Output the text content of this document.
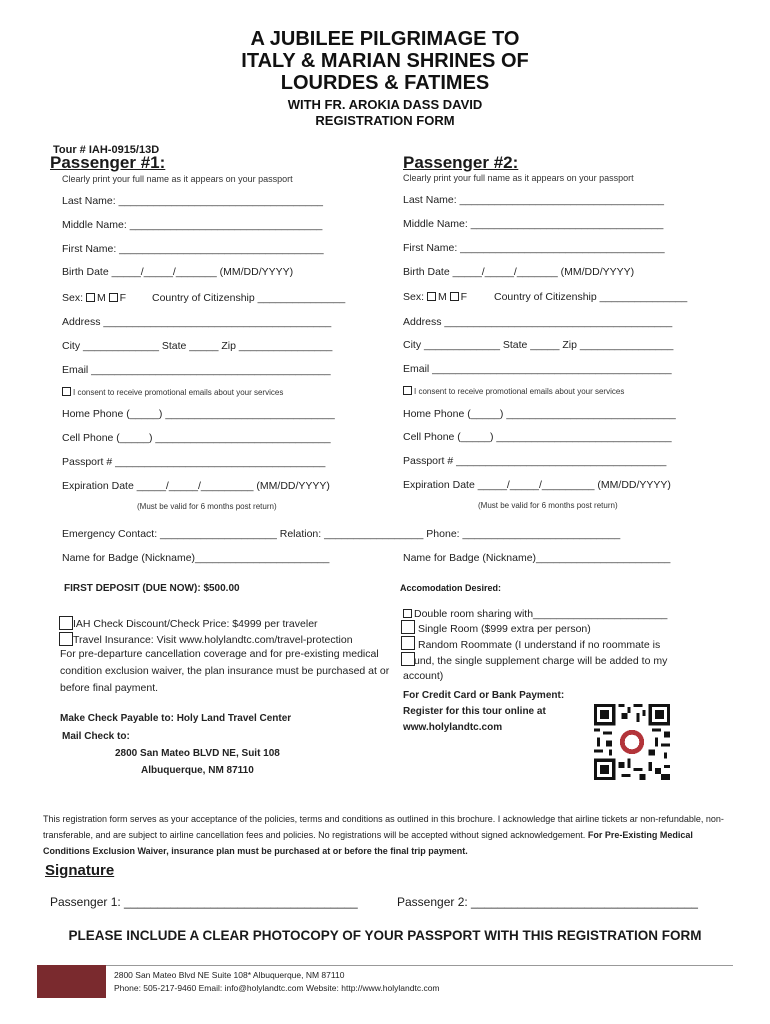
A JUBILEE PILGRIMAGE TO
ITALY & MARIAN SHRINES OF
LOURDES & FATIMES
WITH FR. AROKIA DASS DAVID
REGISTRATION FORM
Tour # IAH-0915/13D
Passenger #1:
Clearly print your full name as it appears on your passport
Last Name: ___________________________________
Middle Name: _________________________________
First Name: ___________________________________
Birth Date _____/_____/_______ (MM/DD/YYYY)
Sex: M F Country of Citizenship _______________
Address _______________________________________
City _____________ State _____ Zip ________________
Email _________________________________________
I consent to receive promotional emails about your services
Home Phone (_____) _____________________________
Cell Phone (_____) ______________________________
Passport # ____________________________________
Expiration Date _____/_____/_________ (MM/DD/YYYY)
(Must be valid for 6 months post return)
Passenger #2:
Clearly print your full name as it appears on your passport
Last Name: ___________________________________
Middle Name: _________________________________
First Name: ___________________________________
Birth Date _____/_____/_______ (MM/DD/YYYY)
Sex: M F	Country of Citizenship _______________
Address _______________________________________
City _____________ State _____ Zip ________________
Email _________________________________________
I consent to receive promotional emails about your services
Home Phone (_____) _____________________________
Cell Phone (_____) ______________________________
Passport # ____________________________________
Expiration Date _____/_____/_________ (MM/DD/YYYY)
(Must be valid for 6 months post return)
Emergency Contact: ____________________ Relation: _________________ Phone: ___________________________
Name for Badge (Nickname)_______________________	Name for Badge (Nickname)_______________________
FIRST DEPOSIT (DUE NOW): $500.00
IAH Check Discount/Check Price: $4999 per traveler
Travel Insurance: Visit www.holylandtc.com/travel-protection
For pre-departure cancellation coverage and for pre-existing medical condition exclusion waiver, the plan insurance must be purchased at or before final payment.
Make Check Payable to: Holy Land Travel Center
Mail Check to:
2800 San Mateo BLVD NE, Suit 108
Albuquerque, NM 87110
Accomodation Desired:
Double room sharing with_______________________
Single Room ($999 extra per person)
Random Roommate (I understand if no roommate is
und, the single supplement charge will be added to my
account)
For Credit Card or Bank Payment:
Register for this tour online at
www.holylandtc.com
This registration form serves as your acceptance of the policies, terms and conditions as outlined in this brochure. I acknowledge that airline tickets ar non-refundable, non-transferable, and are subject to airline cancellation fees and policies. No registrations will be accepted without signed acknowledgement. For Pre-Existing Medical Conditions Exclusion Waiver, insurance plan must be purchased at or before the final trip payment.
Signature
Passenger 1: ___________________________________	Passenger 2: __________________________________
PLEASE INCLUDE A CLEAR PHOTOCOPY OF YOUR PASSPORT WITH THIS REGISTRATION FORM
2800 San Mateo Blvd NE Suite 108* Albuquerque, NM 87110
Phone: 505-217-9460 Email: info@holylandtc.com Website: http://www.holylandtc.com
